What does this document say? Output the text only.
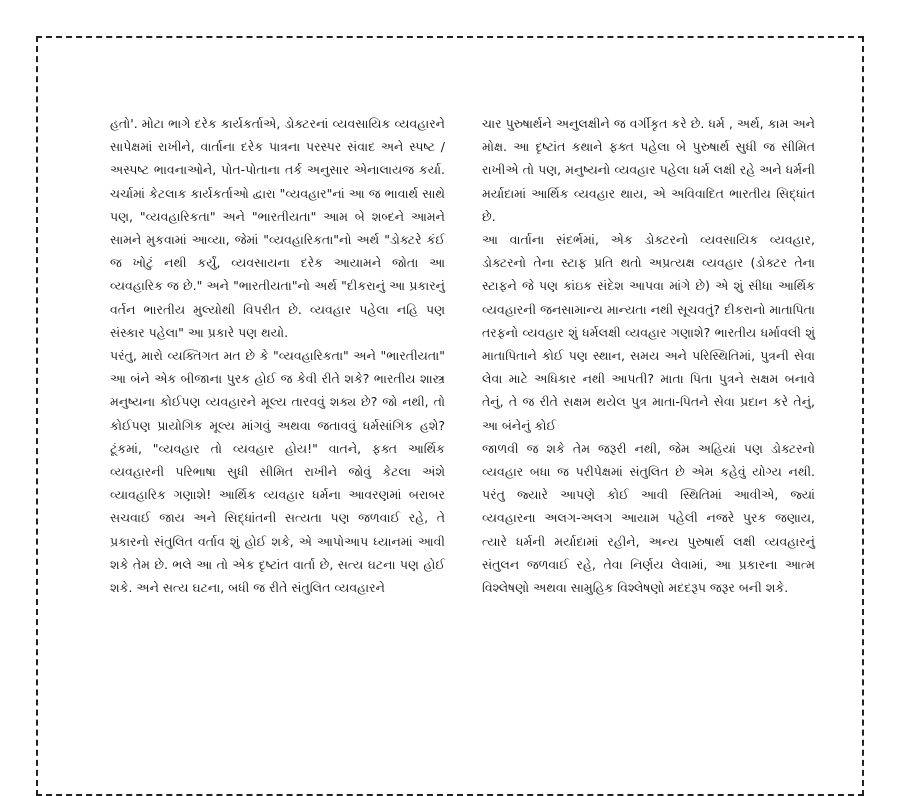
હતો'. મોટા ભાગે દરેક કાર્યકર્તાએ, ડોક્ટરનાં વ્યવસાયિક વ્યવહારને સાપેક્ષમાં રાખીને, વાર્તાના દરેક પાત્રના પરસ્પર સંવાદ અને સ્પષ્ટ / અસ્પષ્ટ ભાવનાઓને, પોત-પોતાના તર્ક અનુસાર એનાલાયજ કર્યા. ચર્ચામાં કેટલાક કાર્યકર્તાઓ દ્વારા "વ્યવહાર"નાં આ જ ભાવાર્થ સાથે પણ, "વ્યવહારિકતા" અને "ભારતીયતા" આમ બે શબ્દને આમને સામને મુકવામાં આવ્યા, જેમાં "વ્યવહારિકતા"નો અર્થ "ડોક્ટરે કંઈ જ ખોટું નથી કર્યું, વ્યવસાયના દરેક આયામને જોતા આ વ્યવહારિક જ છે." અને "ભારતીયતા"નો અર્થ "દીકરાનું આ પ્રકારનું વર્તન ભારતીય મુલ્યોથી વિપરીત છે. વ્યવહાર પહેલા નહિ પણ સંસ્કાર પહેલા" આ પ્રકારે પણ થયો.

પરંતુ, મારો વ્યક્તિગત મત છે કે "વ્યવહારિકતા" અને "ભારતીયતા" આ બંને એક બીજાના પુરક હોઈ જ કેવી રીતે શકે? ભારતીય શાસ્ત્ર મનુષ્યના કોઈપણ વ્યવહારને મૂલ્ય તારવવું શક્ય છે? જો નથી, તો કોઈપણ પ્રાયોગિક મૂલ્ય માંગવું અથવા જતાવવું ધર્મસાંગિક હશે? ટૂંકમાં, "વ્યવહાર તો વ્યવહાર હોય!" વાતને, ફક્ત આર્થિક વ્યવહારની પરિભાષા સુધી સીમિત રાખીને જોવું કેટલા અંશે વ્યાવહારિક ગણાશે! આર્થિક વ્યવહાર ધર્મના આવરણમાં બરાબર સચવાઈ જાય અને સિદ્ધાંતની સત્યતા પણ જળવાઈ રહે, તે પ્રકારનો સંતુલિત વર્તાવ શું હોઈ શકે, એ આપોઆપ ધ્યાનમાં આવી શકે તેમ છે. ભલે આ તો એક દૃષ્ટાંત વાર્તા છે, સત્ય ઘટના પણ હોઈ શકે. અને સત્ય ઘટના, બધી જ રીતે સંતુલિત વ્યવહારને

ચાર પુરુષાર્થને અનુલક્ષીને જ વર્ગીકૃત કરે છે. ધર્મ , અર્થ, કામ અને મોક્ષ. આ દૃષ્ટાંત કથાને ફક્ત પહેલા બે પુરુષાર્થ સુધી જ સીમિત રાખીએ તો પણ, મનુષ્યનો વ્યવહાર પહેલા ધર્મ લક્ષી રહે અને ધર્મની મર્યાદામાં આર્થિક વ્યવહાર થાય, એ અવિવાદિત ભારતીય સિદ્ધાંત છે.

આ વાર્તાના સંદર્ભમાં, એક ડોક્ટરનો વ્યવસાયિક વ્યવહાર, ડોક્ટરનો તેના સ્ટાફ પ્રતિ થતો અપ્રત્યક્ષ વ્યવહાર (ડોક્ટર તેના સ્ટાફને જે પણ કાંઇક સંદેશ આપવા માંગે છે) એ શું સીધા આર્થિક વ્યવહારની જનસામાન્ય માન્યતા નથી સૂચવતું? દીકરાનો માતાપિતા તરફનો વ્યવહાર શું ધર્મલક્ષી વ્યવહાર ગણાશે? ભારતીય ધર્માવલી શું માતાપિતાને કોઈ પણ સ્થાન, સમય અને પરિસ્થિતિમાં, પુત્રની સેવા લેવા માટે અધિકાર નથી આપતી? માતા પિતા પુત્રને સક્ષમ બનાવે તેનું, તે જ રીતે સક્ષમ થયેલ પુત્ર માતા-પિતને સેવા પ્રદાન કરે તેનું, આ બંનેનું કોઈ

જાળવી જ શકે તેમ જરૂરી નથી, જેમ અહિયાં પણ ડોક્ટરનો વ્યવહાર બધા જ પરીપેક્ષમાં સંતુલિત છે એમ કહેવું યોગ્ય નથી. પરંતુ જ્યારે આપણે કોઈ આવી સ્થિતિમાં આવીએ, જ્યાં વ્યવહારના અલગ-અલગ આયામ પહેલી નજરે પુરક જણાય, ત્યારે ધર્મની મર્યાદામાં રહીને, અન્ય પુરુષાર્થ લક્ષી વ્યવહારનું સંતુલન જળવાઈ રહે, તેવા નિર્ણય લેવામાં, આ પ્રકારના આત્મ વિશ્લેષણો અથવા સામુહિક વિશ્લેષણો મદદરૂપ જરૂર બની શકે.
